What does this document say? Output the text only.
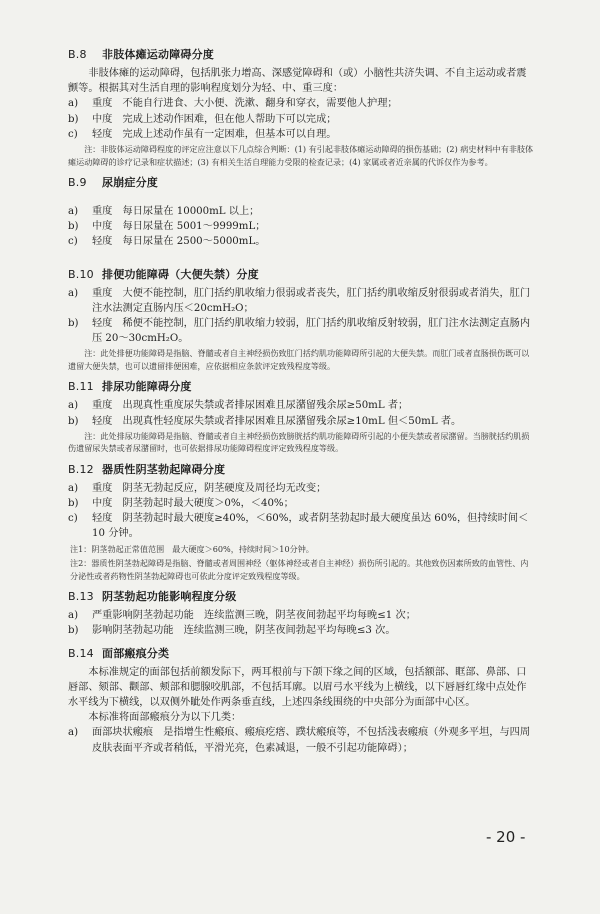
B.8 非肢体瘫运动障碍分度

非肢体瘫的运动障碍，包括肌张力增高、深感觉障碍和（或）小脑性共济失调、不自主运动或者震颤等。根据其对生活自理的影响程度划分为轻、中、重三度：

a)	重度　不能自行进食、大小便、洗漱、翻身和穿衣，需要他人护理；
b)	中度　完成上述动作困难，但在他人帮助下可以完成；
c)	轻度　完成上述动作虽有一定困难，但基本可以自理。

注：非肢体运动障碍程度的评定应注意以下几点综合判断：(1) 有引起非肢体瘫运动障碍的损伤基础；(2) 病史材料中有非肢体瘫运动障碍的诊疗记录和症状描述；(3) 有相关生活自理能力受限的检查记录；(4) 家属或者近亲属的代诉仅作为参考。

B.9 尿崩症分度
a)	重度　每日尿量在 10000mL 以上；
b)	中度　每日尿量在 5001～9999mL；
c)	轻度　每日尿量在 2500～5000mL。
B.10 排便功能障碍（大便失禁）分度
a)	重度　大便不能控制，肛门括约肌收缩力很弱或者丧失，肛门括约肌收缩反射很弱或者消失，肛门注水法测定直肠内压＜20cmH₂O；
b)	轻度　稀便不能控制，肛门括约肌收缩力较弱，肛门括约肌收缩反射较弱，肛门注水法测定直肠内压 20～30cmH₂O。

注：此处排便功能障碍是指脑、脊髓或者自主神经损伤致肛门括约肌功能障碍所引起的大便失禁。而肛门或者直肠损伤既可以遗留大便失禁，也可以遗留排便困难，应依据相应条款评定致残程度等级。

B.11 排尿功能障碍分度
a)	重度　出现真性重度尿失禁或者排尿困难且尿潴留残余尿≥50mL 者；
b)	轻度　出现真性轻度尿失禁或者排尿困难且尿潴留残余尿≥10mL 但＜50mL 者。

注：此处排尿功能障碍是指脑、脊髓或者自主神经损伤致膀胱括约肌功能障碍所引起的小便失禁或者尿潴留。当膀胱括约肌损伤遗留尿失禁或者尿潴留时，也可依据排尿功能障碍程度评定致残程度等级。

B.12 器质性阴茎勃起障碍分度
a)	重度　阴茎无勃起反应，阴茎硬度及周径均无改变；
b)	中度　阴茎勃起时最大硬度＞0%，＜40%；
c)	轻度　阴茎勃起时最大硬度≥40%，＜60%，或者阴茎勃起时最大硬度虽达 60%，但持续时间＜10 分钟。

注1：阴茎勃起正常值范围　最大硬度＞60%，持续时间＞10分钟。

注2：器质性阴茎勃起障碍是指脑、脊髓或者周围神经（躯体神经或者自主神经）损伤所引起的。其他致伤因素所致的血管性、内分泌性或者药物性阴茎勃起障碍也可依此分度评定致残程度等级。

B.13 阴茎勃起功能影响程度分级
a)	严重影响阴茎勃起功能　连续监测三晚，阴茎夜间勃起平均每晚≤1 次；
b)	影响阴茎勃起功能　连续监测三晚，阴茎夜间勃起平均每晚≤3 次。
B.14 面部瘢痕分类

本标准规定的面部包括前额发际下，两耳根前与下颌下缘之间的区域，包括额部、眶部、鼻部、口唇部、颏部、颧部、颊部和腮腺咬肌部，不包括耳廓。以眉弓水平线为上横线，以下唇唇红缘中点处作水平线为下横线，以双侧外眦处作两条垂直线，上述四条线围绕的中央部分为面部中心区。

本标准将面部瘢痕分为以下几类：

a)	面部块状瘢痕　是指增生性瘢痕、瘢痕疙瘩、蹼状瘢痕等，不包括浅表瘢痕（外观多平坦，与四周皮肤表面平齐或者稍低，平滑光亮，色素减退，一般不引起功能障碍）；
- 20 -
